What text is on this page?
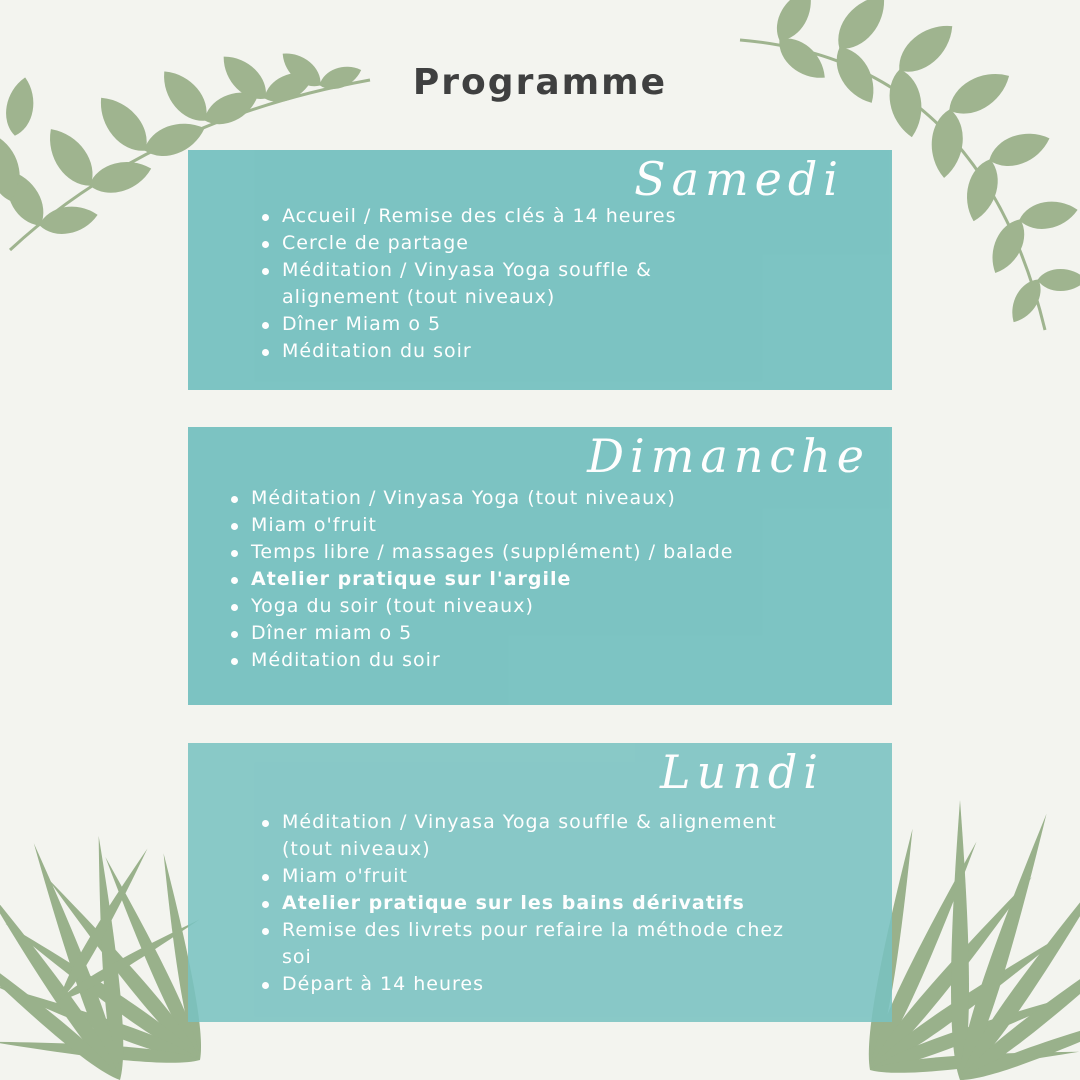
Programme
Samedi
Accueil / Remise des clés à 14 heures
Cercle de partage
Méditation / Vinyasa Yoga souffle & alignement (tout niveaux)
Dîner Miam o 5
Méditation du soir
Dimanche
Méditation / Vinyasa Yoga (tout niveaux)
Miam o'fruit
Temps libre / massages (supplément) / balade
Atelier pratique sur l'argile
Yoga du soir (tout niveaux)
Dîner miam o 5
Méditation du soir
Lundi
Méditation / Vinyasa Yoga souffle & alignement (tout niveaux)
Miam o'fruit
Atelier pratique sur les bains dérivatifs
Remise des livrets pour refaire la méthode chez soi
Départ à 14 heures
